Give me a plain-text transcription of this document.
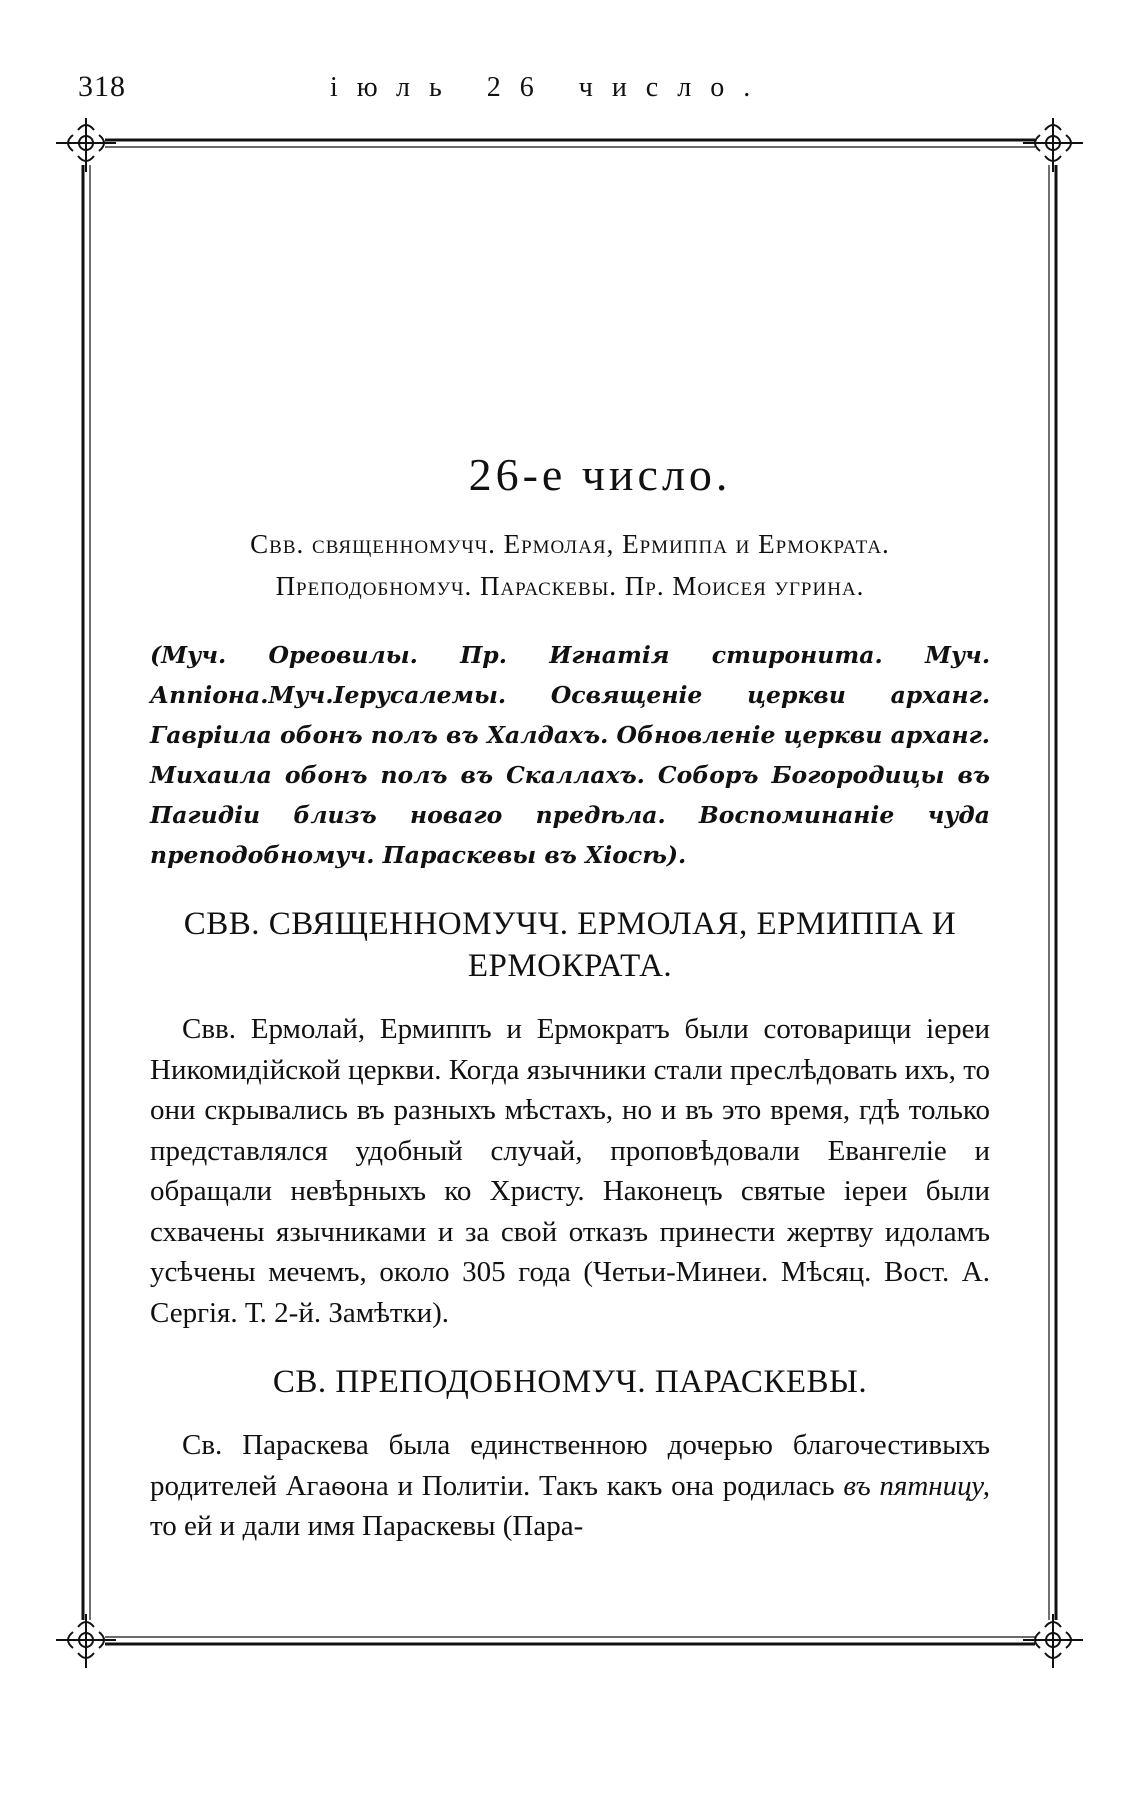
318	іюль 26 число.
26-е число.

Свв. священномучч. Ермолая, Ермиппа и Ермократа.

Преподобномуч. Параскевы. Пр. Моисея угрина.

(Муч. Ореовилы. Пр. Игнатія стиронита. Муч. Аппіона.Муч.Іерусалемы. Освященіе церкви арханг. Гавріила обонъ полъ въ Халдахъ. Обновленіе церкви арханг. Михаила обонъ полъ въ Скаллахъ. Соборъ Богородицы въ Пагидіи близъ новаго предѣла. Воспоминаніе чуда преподобномуч. Параскевы въ Хіосѣ).

СВВ. СВЯЩЕННОМУЧЧ. ЕРМОЛАЯ, ЕРМИППА И ЕРМОКРАТА.

Свв. Ермолай, Ермиппъ и Ермократъ были сотоварищи іереи Никомидійской церкви. Когда язычники стали преслѣдовать ихъ, то они скрывались въ разныхъ мѣстахъ, но и въ это время, гдѣ только представлялся удобный случай, проповѣдовали Евангеліе и обращали невѣрныхъ ко Христу. Наконецъ святые іереи были схвачены язычниками и за свой отказъ принести жертву идоламъ усѣчены мечемъ, около 305 года (Четьи-Минеи. Мѣсяц. Вост. А. Сергія. Т. 2-й. Замѣтки).

СВ. ПРЕПОДОБНОМУЧ. ПАРАСКЕВЫ.

Св. Параскева была единственною дочерью благочестивыхъ родителей Агаѳона и Политіи. Такъ какъ она родилась въ пятницу, то ей и дали имя Параскевы (Пара-
